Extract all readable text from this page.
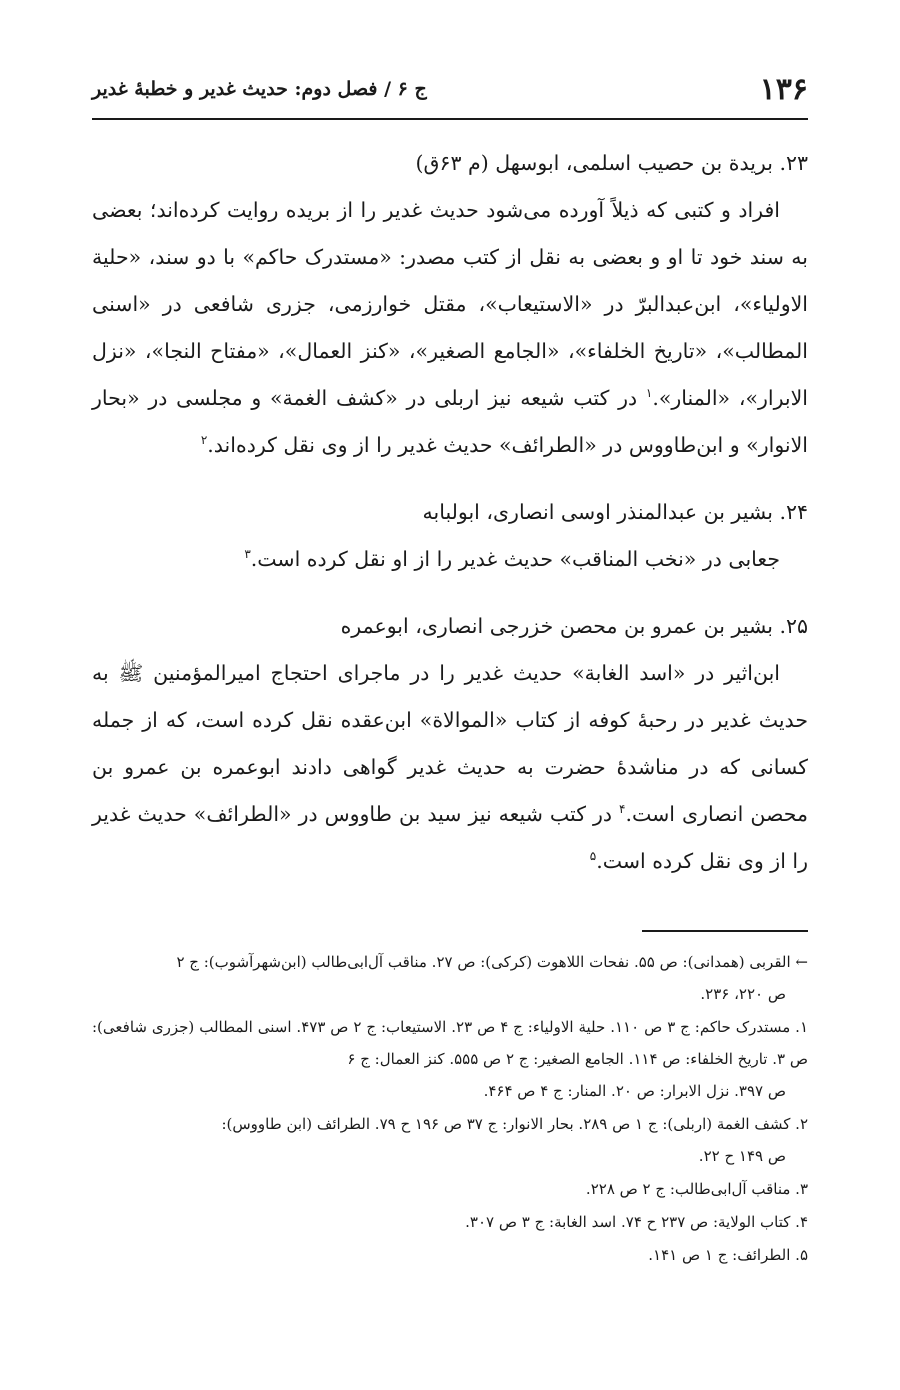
۱۳۶
ج ۶ / فصل دوم: حدیث غدیر و خطبهٔ غدیر
۲۳. بریدة بن حصیب اسلمی، ابوسهل (م ۶۳ق)
افراد و کتبی که ذیلاً آورده می‌شود حدیث غدیر را از بریده روایت کرده‌اند؛ بعضی به سند خود تا او و بعضی به نقل از کتب مصدر: «مستدرک حاکم» با دو سند، «حلیة الاولیاء»، ابن‌عبدالبرّ در «الاستیعاب»، مقتل خوارزمی، جزری شافعی در «اسنی المطالب»، «تاریخ الخلفاء»، «الجامع الصغیر»، «کنز العمال»، «مفتاح النجا»، «نزل الابرار»، «المنار».$^۱$ در کتب شیعه نیز اربلی در «کشف الغمة» و مجلسی در «بحار الانوار» و ابن‌طاووس در «الطرائف» حدیث غدیر را از وی نقل کرده‌اند.$^۲$
۲۴. بشیر بن عبدالمنذر اوسی انصاری، ابولبابه
جعابی در «نخب المناقب» حدیث غدیر را از او نقل کرده است.$^۳$
۲۵. بشیر بن عمرو بن محصن خزرجی انصاری، ابوعمره
ابن‌اثیر در «اسد الغابة» حدیث غدیر را در ماجرای احتجاج امیرالمؤمنین ﷺ به حدیث غدیر در رحبهٔ کوفه از کتاب «الموالاة» ابن‌عقده نقل کرده است، که از جمله کسانی که در مناشدهٔ حضرت به حدیث غدیر گواهی دادند ابوعمره بن عمرو بن محصن انصاری است.$^۴$ در کتب شیعه نیز سید بن طاووس در «الطرائف» حدیث غدیر را از وی نقل کرده است.$^۵$
← القربی (همدانی): ص ۵۵. نفحات اللاهوت (کرکی): ص ۲۷. مناقب آل‌ابی‌طالب (ابن‌شهرآشوب): ج ۲
ص ۲۲۰، ۲۳۶.
۱. مستدرک حاکم: ج ۳ ص ۱۱۰. حلیة الاولیاء: ج ۴ ص ۲۳. الاستیعاب: ج ۲ ص ۴۷۳. اسنی المطالب (جزری شافعی): ص ۳. تاریخ الخلفاء: ص ۱۱۴. الجامع الصغیر: ج ۲ ص ۵۵۵. کنز العمال: ج ۶
ص ۳۹۷. نزل الابرار: ص ۲۰. المنار: ج ۴ ص ۴۶۴.
۲. کشف الغمة (اربلی): ج ۱ ص ۲۸۹. بحار الانوار: ج ۳۷ ص ۱۹۶ ح ۷۹. الطرائف (ابن طاووس):
ص ۱۴۹ ح ۲۲.
۳. مناقب آل‌ابی‌طالب: ج ۲ ص ۲۲۸.
۴. کتاب الولایة: ص ۲۳۷ ح ۷۴. اسد الغابة: ج ۳ ص ۳۰۷.
۵. الطرائف: ج ۱ ص ۱۴۱.
